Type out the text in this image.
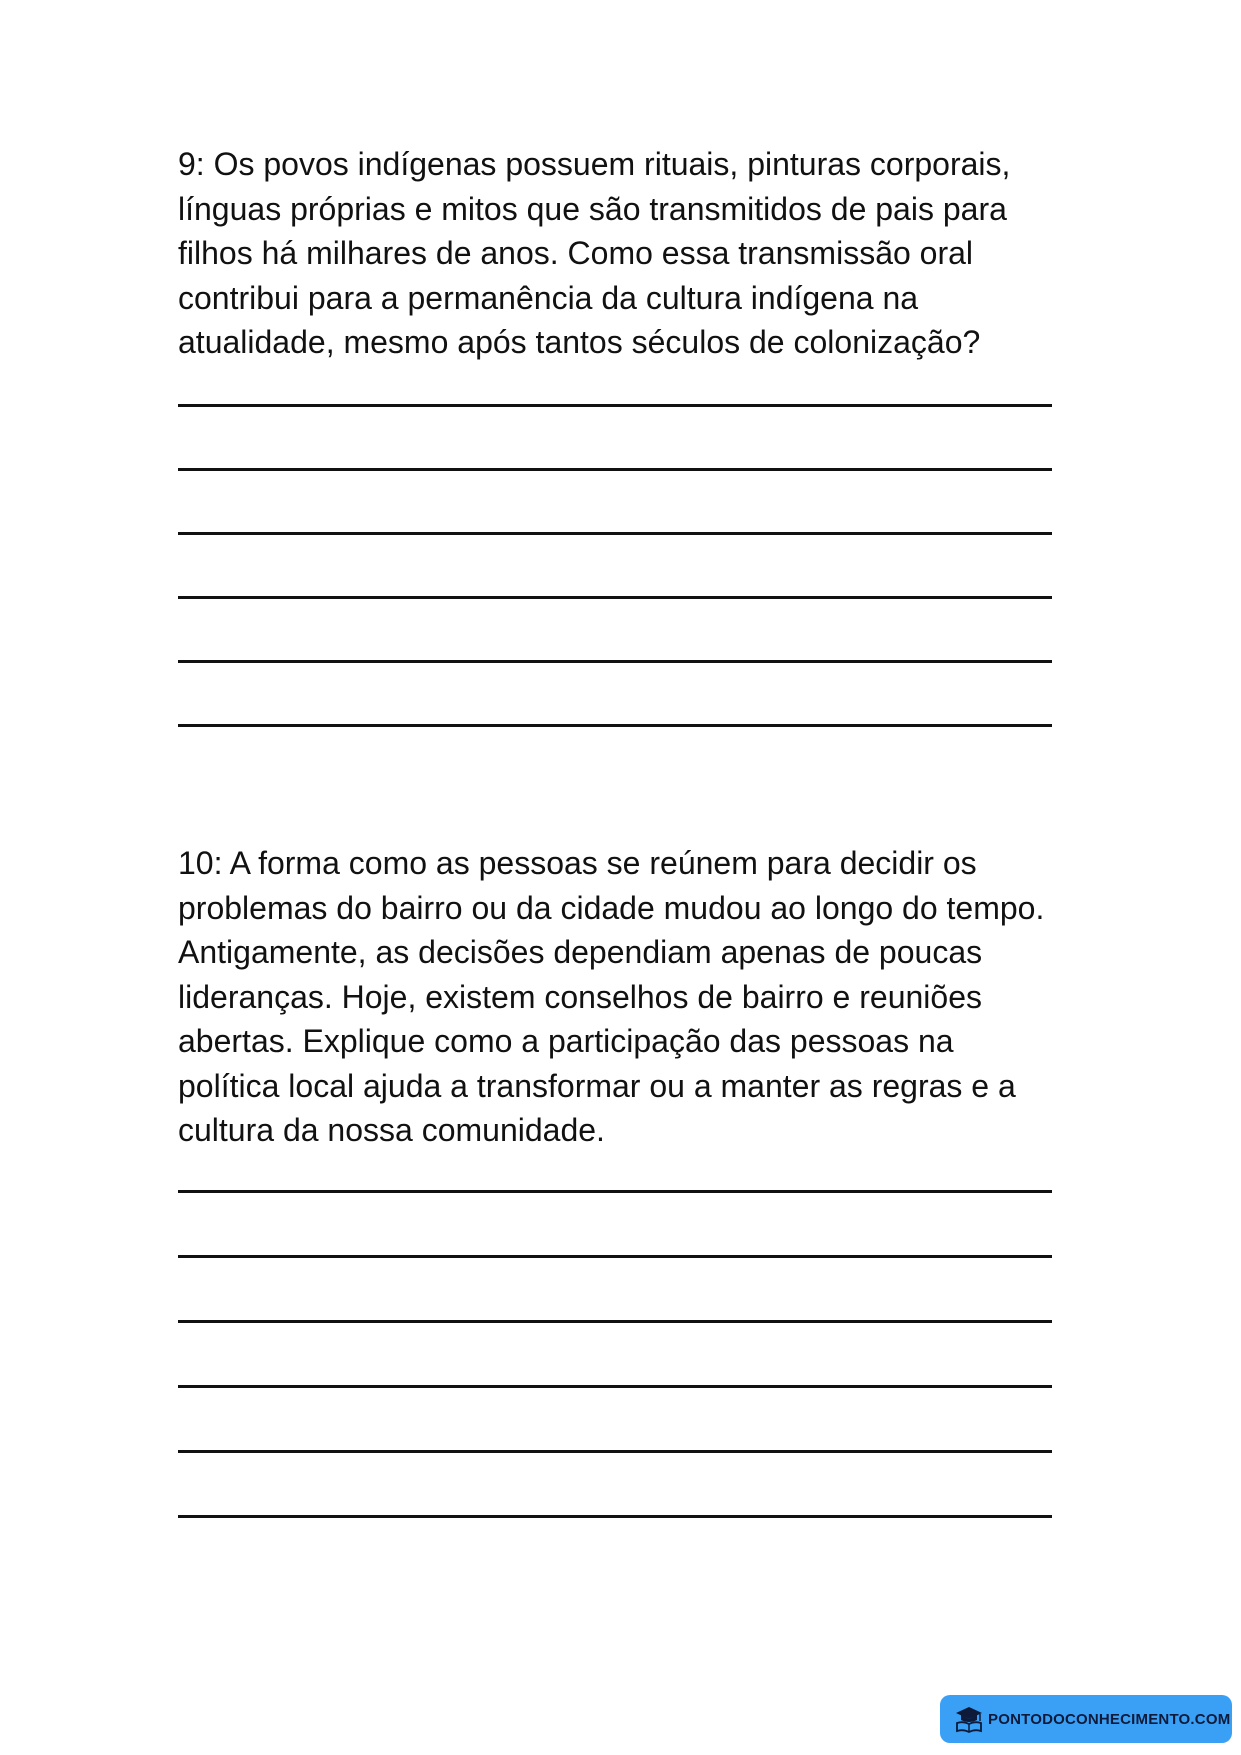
9: Os povos indígenas possuem rituais, pinturas corporais, línguas próprias e mitos que são transmitidos de pais para filhos há milhares de anos. Como essa transmissão oral contribui para a permanência da cultura indígena na atualidade, mesmo após tantos séculos de colonização?

10: A forma como as pessoas se reúnem para decidir os problemas do bairro ou da cidade mudou ao longo do tempo. Antigamente, as decisões dependiam apenas de poucas lideranças. Hoje, existem conselhos de bairro e reuniões abertas. Explique como a participação das pessoas na política local ajuda a transformar ou a manter as regras e a cultura da nossa comunidade.

PONTODOCONHECIMENTO.COM
